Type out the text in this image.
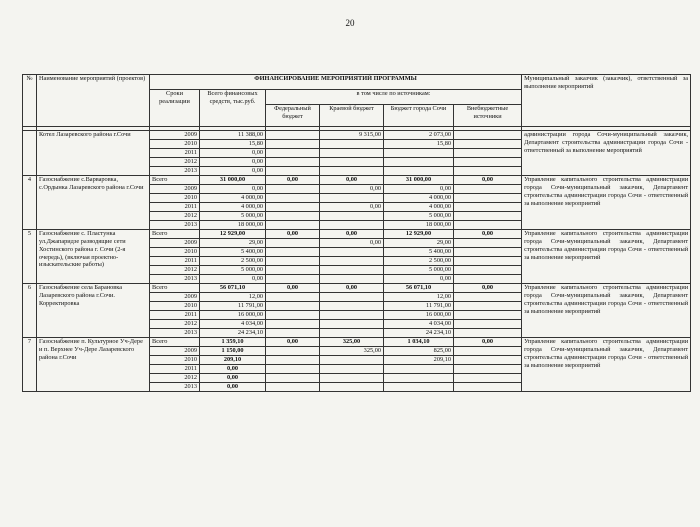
20
№	Наименование мероприятий (проектов)	ФИНАНСИРОВАНИЕ МЕРОПРИЯТИЙ ПРОГРАММЫ						Муниципальный заказчик (заказчик), ответственный за выполнение мероприятий
		Сроки реализации	Всего финансовых средств, тыс.руб.	в том числе по источникам:				
				Федеральный бюджет	Краевой бюджет	Бюджет города Сочи	Внебюджетные источники	

	Котел Лазаревского района г.Сочи	2009	11 388,00		9 315,00	2 073,00		администрации города Сочи-муниципальный заказчик, Департамент строительства администрации города Сочи - ответственный за выполнение мероприятий
		2010	15,80			15,80		
		2011	0,00					
		2012	0,00					
		2013	0,00					
4	Газоснабжение с.Варваровка, с.Ордынка Лазаревского района г.Сочи	Всего	31 000,00	0,00	0,00	31 000,00	0,00	Управление капитального строительства администрации города Сочи-муниципальный заказчик, Департамент строительства администрации города Сочи - ответственный за выполнение мероприятий
		2009	0,00		0,00	0,00		
		2010	4 000,00			4 000,00		
		2011	4 000,00		0,00	4 000,00		
		2012	5 000,00			5 000,00		
		2013	18 000,00			18 000,00		
5	Газоснабжение с. Пластунка ул.Джапаридзе разводящие сети Хостинского района г. Сочи (2-я очередь), (включая проектно-изыскательские работы)	Всего	12 929,00	0,00	0,00	12 929,00	0,00	Управление капитального строительства администрации города Сочи-муниципальный заказчик, Департамент строительства администрации города Сочи - ответственный за выполнение мероприятий
		2009	29,00		0,00	29,00		
		2010	5 400,00			5 400,00		
		2011	2 500,00			2 500,00		
		2012	5 000,00			5 000,00		
		2013	0,00			0,00		
6	Газоснабжение села Барановка Лазаревского района г.Сочи. Корректировка	Всего	56 071,10	0,00	0,00	56 071,10	0,00	Управление капитального строительства администрации города Сочи-муниципальный заказчик, Департамент строительства администрации города Сочи - ответственный за выполнение мероприятий
		2009	12,00			12,00		
		2010	11 791,00			11 791,00		
		2011	16 000,00			16 000,00		
		2012	4 034,00			4 034,00		
		2013	24 234,10			24 234,10		
7	Газоснабжение п. Культурное Уч-Дере и п. Верхнее Уч-Дере Лазаревского района г.Сочи	Всего	1 359,10	0,00	325,00	1 034,10	0,00	Управление капитального строительства администрации города Сочи-муниципальный заказчик, Департамент строительства администрации города Сочи - ответственный за выполнение мероприятий
		2009	1 150,00		325,00	825,00		
		2010	209,10			209,10		
		2011	0,00					
		2012	0,00					
		2013	0,00					
